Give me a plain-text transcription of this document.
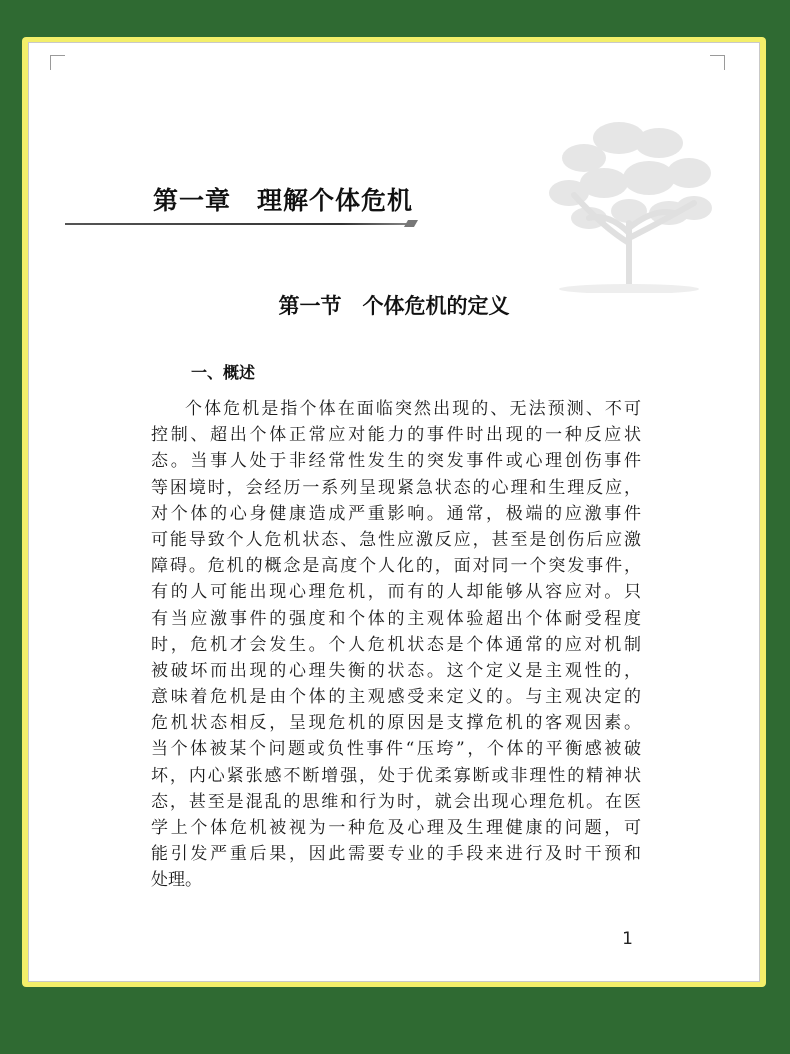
第一章　理解个体危机
第一节　个体危机的定义
一、概述
个体危机是指个体在面临突然出现的、无法预测、不可
控制、超出个体正常应对能力的事件时出现的一种反应状
态。当事人处于非经常性发生的突发事件或心理创伤事件
等困境时，会经历一系列呈现紧急状态的心理和生理反应，
对个体的心身健康造成严重影响。通常，极端的应激事件
可能导致个人危机状态、急性应激反应，甚至是创伤后应激
障碍。危机的概念是高度个人化的，面对同一个突发事件，
有的人可能出现心理危机，而有的人却能够从容应对。只
有当应激事件的强度和个体的主观体验超出个体耐受程度
时，危机才会发生。个人危机状态是个体通常的应对机制
被破坏而出现的心理失衡的状态。这个定义是主观性的，
意味着危机是由个体的主观感受来定义的。与主观决定的
危机状态相反，呈现危机的原因是支撑危机的客观因素。
当个体被某个问题或负性事件“压垮”，个体的平衡感被破
坏，内心紧张感不断增强，处于优柔寡断或非理性的精神状
态，甚至是混乱的思维和行为时，就会出现心理危机。在医
学上个体危机被视为一种危及心理及生理健康的问题，可
能引发严重后果，因此需要专业的手段来进行及时干预和
处理。
1
